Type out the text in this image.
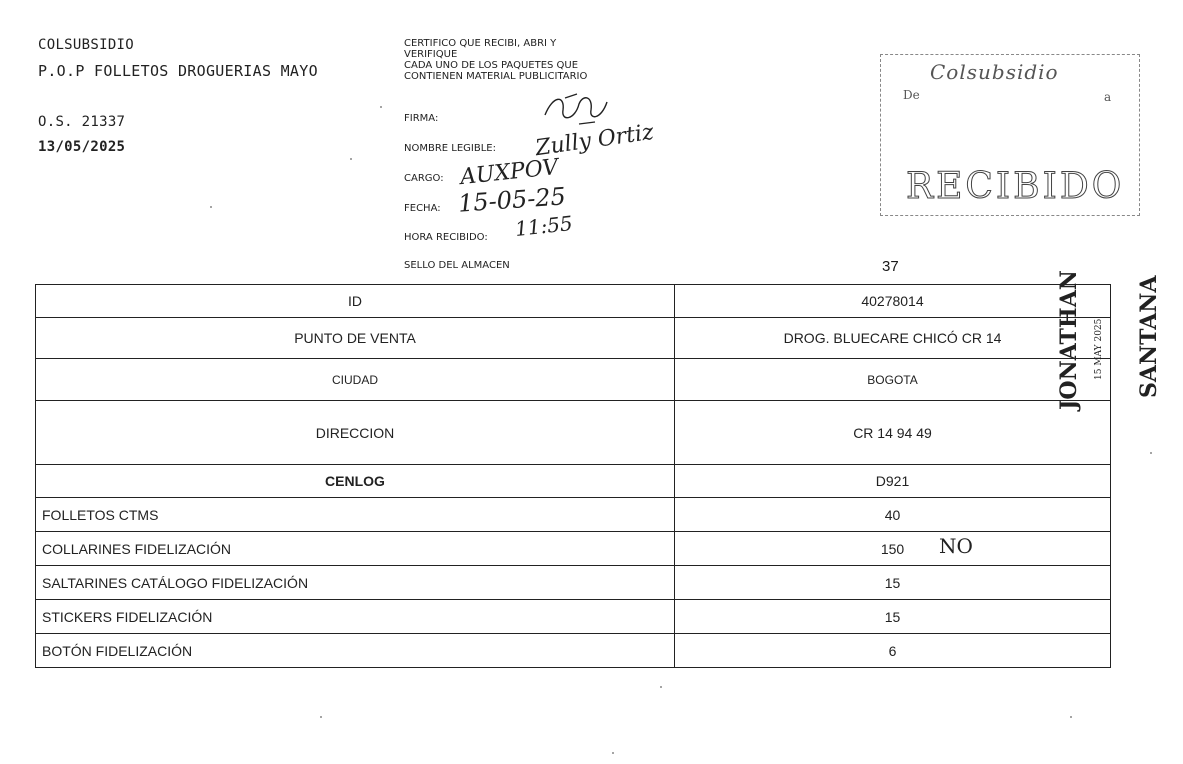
COLSUBSIDIO
P.O.P FOLLETOS DROGUERIAS MAYO
O.S. 21337
13/05/2025
CERTIFICO QUE RECIBI, ABRI Y
VERIFIQUE
CADA UNO DE LOS PAQUETES QUE
CONTIENEN MATERIAL PUBLICITARIO
FIRMA:
NOMBRE LEGIBLE: Zully Ortiz
CARGO: AUXPOV
FECHA: 15-05-25
HORA RECIBIDO: 11:55
SELLO DEL ALMACEN	37
Colsubsidio
De	a
RECIBIDO
ID	40278014
PUNTO DE VENTA	DROG. BLUECARE CHICÓ CR 14
CIUDAD	BOGOTA
DIRECCION	CR 14 94 49
CENLOG	D921
FOLLETOS CTMS	40
COLLARINES FIDELIZACIÓN	150 NO

SALTARINES CATÁLOGO FIDELIZACIÓN	15
STICKERS FIDELIZACIÓN	15
BOTÓN FIDELIZACIÓN	6
JONATHAN 15 MAY 2025 SANTANA
